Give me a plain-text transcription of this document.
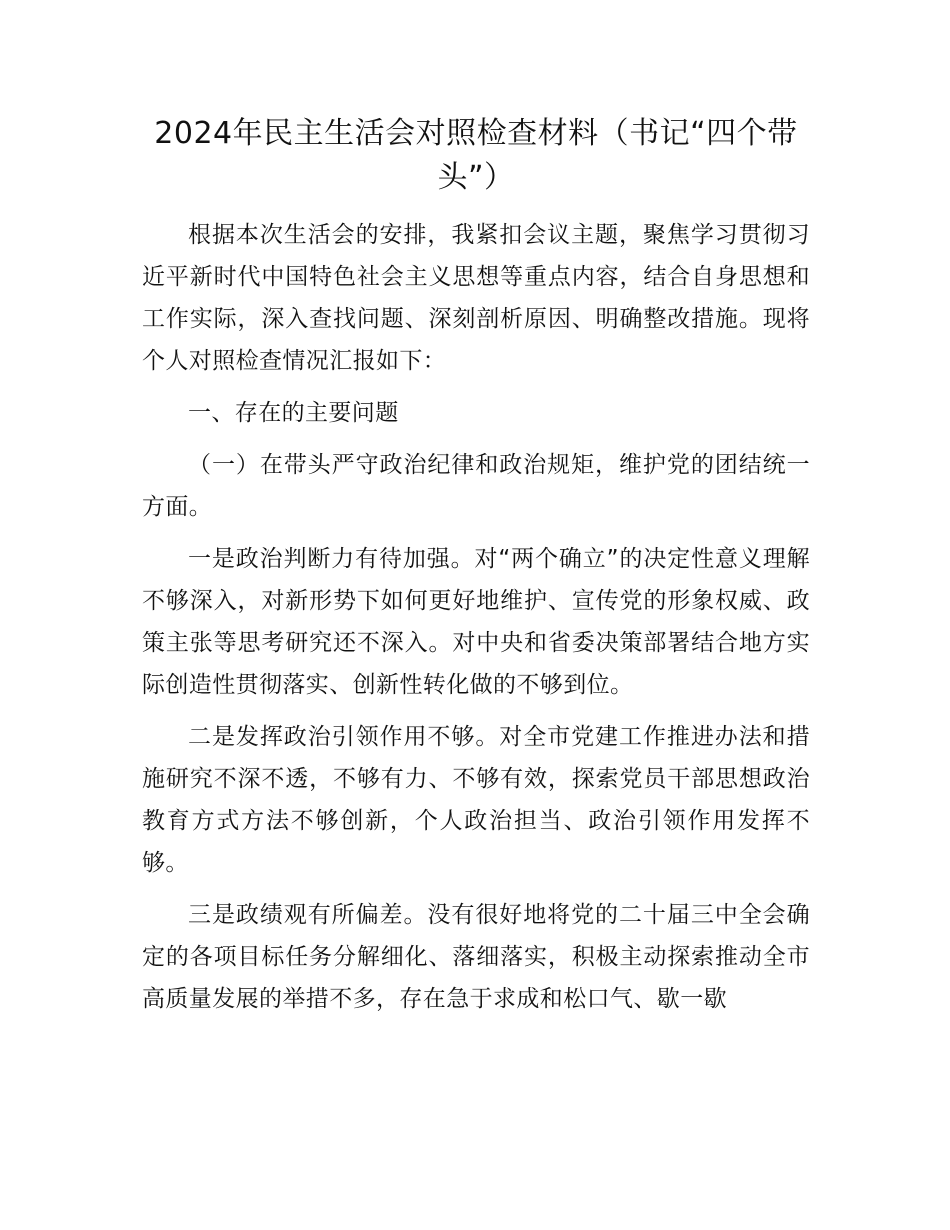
2024年民主生活会对照检查材料（书记“四个带头”）

根据本次生活会的安排，我紧扣会议主题，聚焦学习贯彻习近平新时代中国特色社会主义思想等重点内容，结合自身思想和工作实际，深入查找问题、深刻剖析原因、明确整改措施。现将个人对照检查情况汇报如下：

一、存在的主要问题

（一）在带头严守政治纪律和政治规矩，维护党的团结统一方面。

一是政治判断力有待加强。对“两个确立”的决定性意义理解不够深入，对新形势下如何更好地维护、宣传党的形象权威、政策主张等思考研究还不深入。对中央和省委决策部署结合地方实际创造性贯彻落实、创新性转化做的不够到位。

二是发挥政治引领作用不够。对全市党建工作推进办法和措施研究不深不透，不够有力、不够有效，探索党员干部思想政治教育方式方法不够创新，个人政治担当、政治引领作用发挥不够。

三是政绩观有所偏差。没有很好地将党的二十届三中全会确定的各项目标任务分解细化、落细落实，积极主动探索推动全市高质量发展的举措不多，存在急于求成和松口气、歇一歇
